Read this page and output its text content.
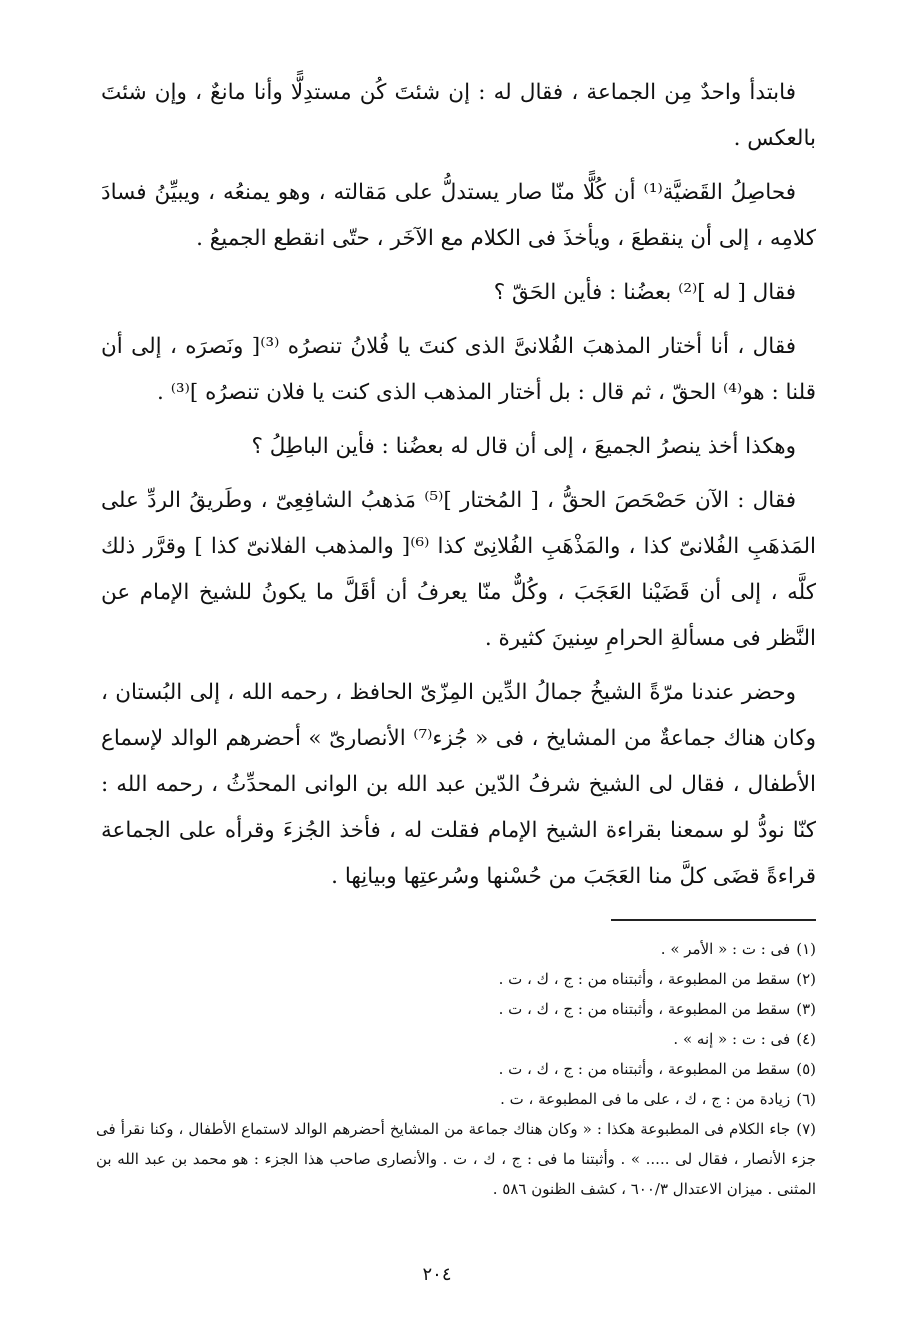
فابتدأ واحدٌ مِن الجماعة ، فقال له : إن شئتَ كُن مستدِلًّا وأنا مانعٌ ، وإن شئتَ بالعكس .

فحاصِلُ القَضيَّة⁽¹⁾ أن كُلًّا منّا صار يستدلُّ على مَقالته ، وهو يمنعُه ، ويبيِّنُ فسادَ كلامِه ، إلى أن ينقطعَ ، ويأخذَ فى الكلام مع الآخَر ، حتّى انقطع الجميعُ .

فقال [ له ]⁽²⁾ بعضُنا : فأين الحَقّ ؟

فقال ، أنا أختار المذهبَ الفُلانىَّ الذى كنتَ يا فُلانُ تنصرُه ⁽³⁾[ ونَصرَه ، إلى أن قلنا : هو⁽⁴⁾ الحقّ ، ثم قال : بل أختار المذهب الذى كنت يا فلان تنصرُه ]⁽³⁾ .

وهكذا أخذ ينصرُ الجميعَ ، إلى أن قال له بعضُنا : فأين الباطِلُ ؟

فقال : الآن حَصْحَصَ الحقُّ ، [ المُختار ]⁽⁵⁾ مَذهبُ الشافِعِىّ ، وطَريقُ الردِّ على المَذهَبِ الفُلانىّ كذا ، والمَذْهَبِ الفُلانِىّ كذا ⁽⁶⁾[ والمذهب الفلانىّ كذا ] وقرَّر ذلك كلَّه ، إلى أن قَضَيْنا العَجَبَ ، وكُلٌّ منّا يعرفُ أن أقَلَّ ما يكونُ للشيخ الإمام عن النَّظر فى مسألةِ الحرامِ سِنينَ كثيرة .

وحضر عندنا مرّةً الشيخُ جمالُ الدِّين المِزّىّ الحافظ ، رحمه الله ، إلى البُستان ، وكان هناك جماعةٌ من المشايخ ، فى « جُزء⁽⁷⁾ الأنصارىّ » أحضرهم الوالد لإسماع الأطفال ، فقال لى الشيخ شرفُ الدّين عبد الله بن الوانى المحدِّثُ ، رحمه الله : كنّا نودُّ لو سمعنا بقراءة الشيخ الإمام فقلت له ، فأخذ الجُزءَ وقرأه على الجماعة قراءةً قضَى كلَّ منا العَجَبَ من حُسْنها وسُرعتِها وبيانِها .

(١)فى : ت : « الأمر » .

(٢)سقط من المطبوعة ، وأثبتناه من : ج ، ك ، ت .

(٣)سقط من المطبوعة ، وأثبتناه من : ج ، ك ، ت .

(٤)فى : ت : « إنه » .

(٥)سقط من المطبوعة ، وأثبتناه من : ج ، ك ، ت .

(٦)زيادة من : ج ، ك ، على ما فى المطبوعة ، ت .

(٧)جاء الكلام فى المطبوعة هكذا : « وكان هناك جماعة من المشايخ أحضرهم الوالد لاستماع الأطفال ، وكنا نقرأ فى جزء الأنصار ، فقال لى ..... » . وأثبتنا ما فى : ج ، ك ، ت . والأنصارى صاحب هذا الجزء : هو محمد بن عبد الله بن المثنى . ميزان الاعتدال ٦٠٠/٣ ، كشف الظنون ٥٨٦ .

٢٠٤
